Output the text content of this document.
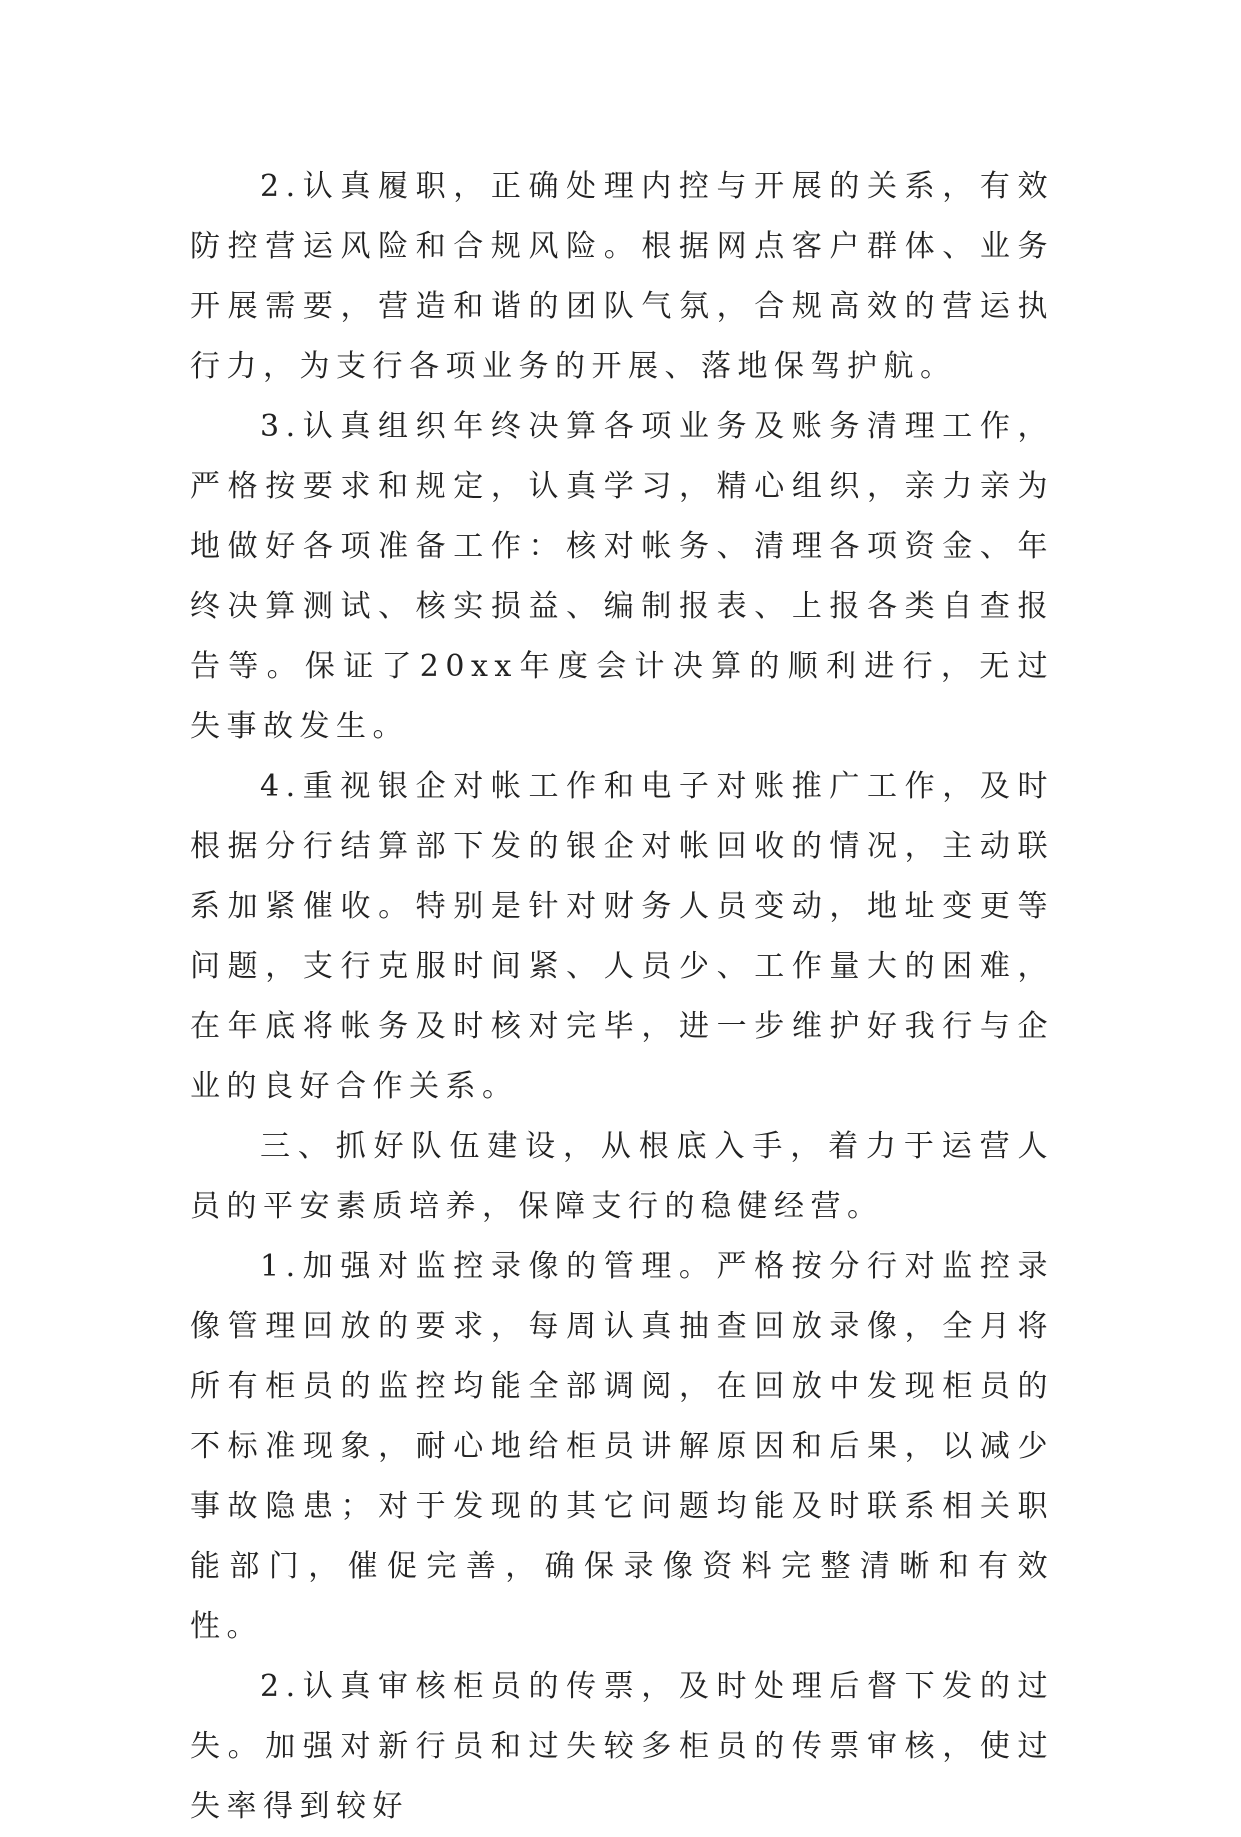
2.认真履职，正确处理内控与开展的关系，有效防控营运风险和合规风险。根据网点客户群体、业务开展需要，营造和谐的团队气氛，合规高效的营运执行力，为支行各项业务的开展、落地保驾护航。

3.认真组织年终决算各项业务及账务清理工作，严格按要求和规定，认真学习，精心组织，亲力亲为地做好各项准备工作：核对帐务、清理各项资金、年终决算测试、核实损益、编制报表、上报各类自查报告等。保证了20xx年度会计决算的顺利进行，无过失事故发生。

4.重视银企对帐工作和电子对账推广工作，及时根据分行结算部下发的银企对帐回收的情况，主动联系加紧催收。特别是针对财务人员变动，地址变更等问题，支行克服时间紧、人员少、工作量大的困难，在年底将帐务及时核对完毕，进一步维护好我行与企业的良好合作关系。

三、抓好队伍建设，从根底入手，着力于运营人员的平安素质培养，保障支行的稳健经营。

1.加强对监控录像的管理。严格按分行对监控录像管理回放的要求，每周认真抽查回放录像，全月将所有柜员的监控均能全部调阅，在回放中发现柜员的不标准现象，耐心地给柜员讲解原因和后果，以减少事故隐患；对于发现的其它问题均能及时联系相关职能部门，催促完善，确保录像资料完整清晰和有效性。

2.认真审核柜员的传票，及时处理后督下发的过失。加强对新行员和过失较多柜员的传票审核，使过失率得到较好
